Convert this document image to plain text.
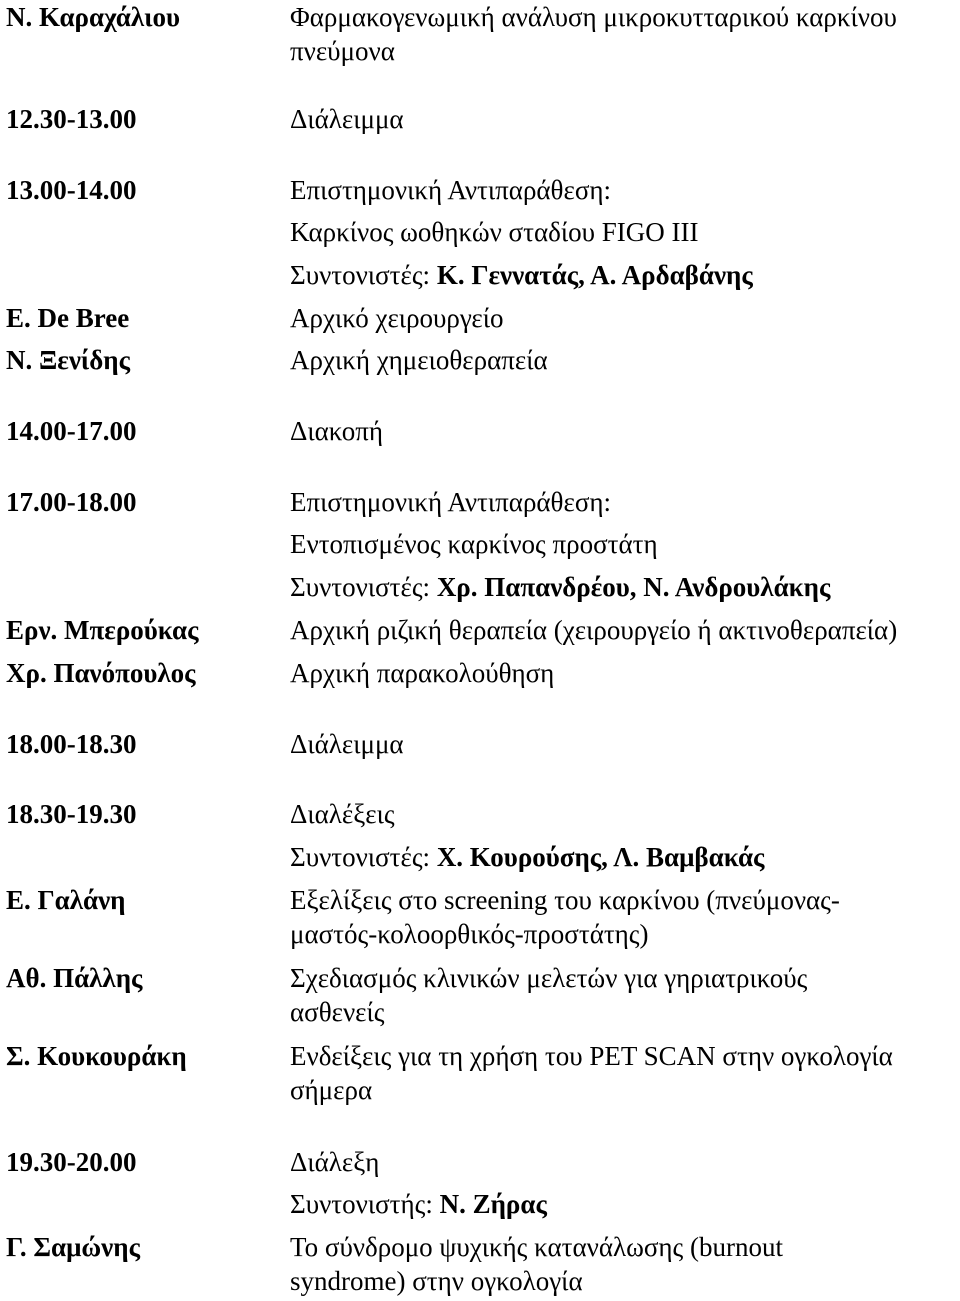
Ν. Καραχάλιου	Φαρμακογενωμική ανάλυση μικροκυτταρικού καρκίνου πνεύμονα
12.30-13.00	Διάλειμμα
13.00-14.00	Επιστημονική Αντιπαράθεση:
Καρκίνος ωοθηκών σταδίου FIGO III
Συντονιστές: Κ. Γεννατάς, Α. Αρδαβάνης
Ε. De Bree	Αρχικό χειρουργείο
Ν. Ξενίδης	Αρχική χημειοθεραπεία
14.00-17.00	Διακοπή
17.00-18.00	Επιστημονική Αντιπαράθεση:
Εντοπισμένος καρκίνος προστάτη
Συντονιστές: Χρ. Παπανδρέου, Ν. Ανδρουλάκης
Ερν. Μπερούκας	Αρχική ριζική θεραπεία (χειρουργείο ή ακτινοθεραπεία)
Χρ. Πανόπουλος	Αρχική παρακολούθηση
18.00-18.30	Διάλειμμα
18.30-19.30	Διαλέξεις
Συντονιστές: Χ. Κουρούσης, Λ. Βαμβακάς
Ε. Γαλάνη	Εξελίξεις στο screening του καρκίνου (πνεύμονας-μαστός-κολοορθικός-προστάτης)
Αθ. Πάλλης	Σχεδιασμός κλινικών μελετών για γηριατρικούς ασθενείς
Σ. Κουκουράκη	Ενδείξεις για τη χρήση του PET SCAN στην ογκολογία σήμερα
19.30-20.00	Διάλεξη
Συντονιστής: Ν. Ζήρας
Γ. Σαμώνης	Το σύνδρομο ψυχικής κατανάλωσης (burnout syndrome) στην ογκολογία
